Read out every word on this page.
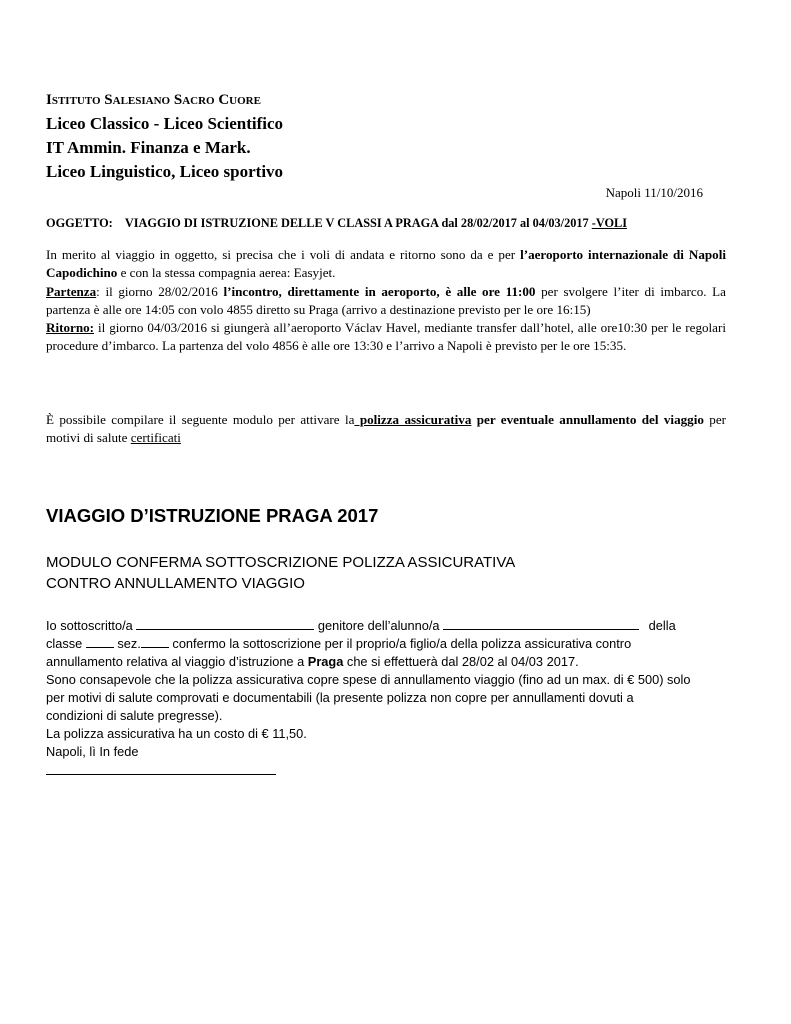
Istituto Salesiano Sacro Cuore
Liceo Classico - Liceo Scientifico
IT Ammin. Finanza e Mark.
Liceo Linguistico, Liceo sportivo
Napoli 11/10/2016
OGGETTO: VIAGGIO DI ISTRUZIONE DELLE V CLASSI A PRAGA dal 28/02/2017 al 04/03/2017 -VOLI
In merito al viaggio in oggetto, si precisa che i voli di andata e ritorno sono da e per l’aeroporto internazionale di Napoli Capodichino e con la stessa compagnia aerea: Easyjet.
Partenza: il giorno 28/02/2016 l’incontro, direttamente in aeroporto, è alle ore 11:00 per svolgere l’iter di imbarco. La partenza è alle ore 14:05 con volo 4855 diretto su Praga (arrivo a destinazione previsto per le ore 16:15)
Ritorno: il giorno 04/03/2016 si giungerà all’aeroporto Václav Havel, mediante transfer dall’hotel, alle ore10:30 per le regolari procedure d’imbarco. La partenza del volo 4856 è alle ore 13:30 e l’arrivo a Napoli è previsto per le ore 15:35.
È possibile compilare il seguente modulo per attivare la polizza assicurativa per eventuale annullamento del viaggio per motivi di salute certificati
VIAGGIO D’ISTRUZIONE PRAGA 2017
MODULO CONFERMA SOTTOSCRIZIONE POLIZZA ASSICURATIVA
CONTRO ANNULLAMENTO VIAGGIO
Io sottoscritto/a	genitore dell’alunno/a	della
classe  sez. confermo la sottoscrizione per il proprio/a figlio/a della polizza assicurativa contro
annullamento relativa al viaggio d’istruzione a Praga che si effettuerà dal 28/02 al 04/03 2017.
Sono consapevole che la polizza assicurativa copre spese di annullamento viaggio (fino ad un max. di € 500) solo
per motivi di salute comprovati e documentabili (la presente polizza non copre per annullamenti dovuti a
condizioni di salute pregresse).
La polizza assicurativa ha un costo di € 11,50.
Napoli, lì In fede
